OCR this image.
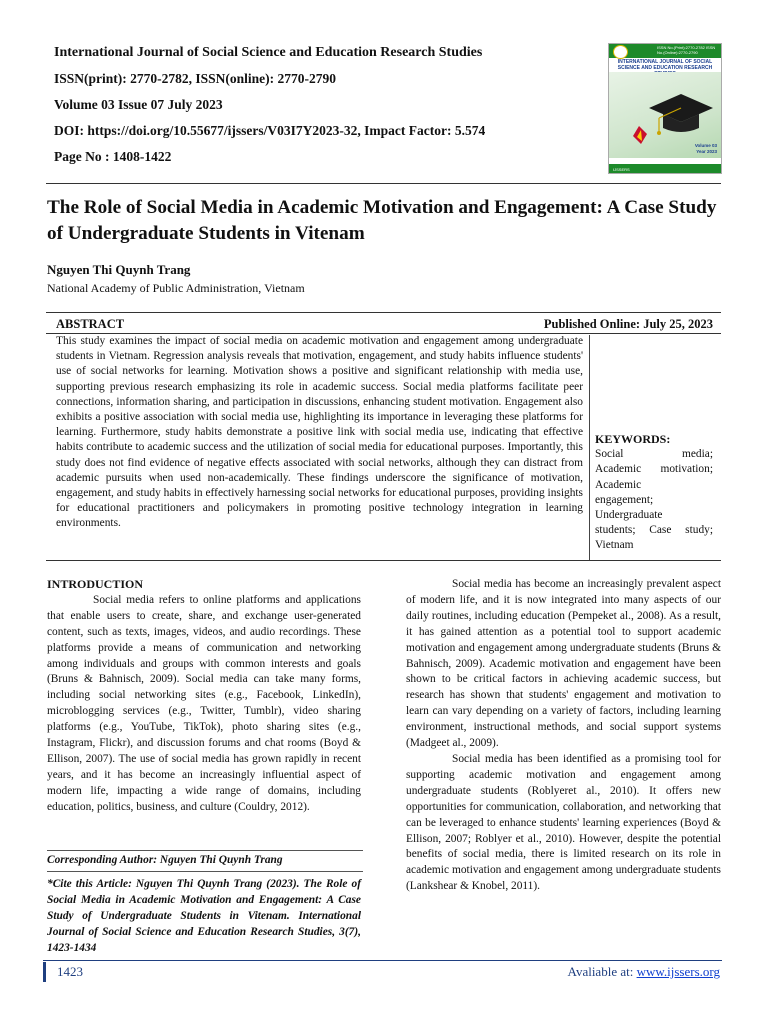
International Journal of Social Science and Education Research Studies
ISSN(print): 2770-2782, ISSN(online): 2770-2790
Volume 03 Issue 07 July 2023
DOI: https://doi.org/10.55677/ijssers/V03I7Y2023-32, Impact Factor: 5.574
Page No : 1408-1422
ISSN No.(Print):2770-2782 ISSN No.(Online):2770-2790
INTERNATIONAL JOURNAL OF SOCIAL SCIENCE AND EDUCATION RESEARCH
Volume 03
Year 2023
IJSSERS
The Role of Social Media in Academic Motivation and Engagement: A Case Study of Undergraduate Students in Vitenam
Nguyen Thi Quynh Trang
National Academy of Public Administration, Vietnam
ABSTRACT	Published Online: July 25, 2023
This study examines the impact of social media on academic motivation and engagement among undergraduate students in Vietnam. Regression analysis reveals that motivation, engagement, and study habits influence students' use of social networks for learning. Motivation shows a positive and significant relationship with media use, supporting previous research emphasizing its role in academic success. Social media platforms facilitate peer connections, information sharing, and participation in discussions, enhancing student motivation. Engagement also exhibits a positive association with social media use, highlighting its importance in leveraging these platforms for learning. Furthermore, study habits demonstrate a positive link with social media use, indicating that effective habits contribute to academic success and the utilization of social media for educational purposes. Importantly, this study does not find evidence of negative effects associated with social networks, although they can distract from academic pursuits when used non-academically. These findings underscore the significance of motivation, engagement, and study habits in effectively harnessing social networks for educational purposes, providing insights for educational practitioners and policymakers in promoting positive technology integration in learning environments.
KEYWORDS:
Social media;
Academic motivation;
Academic
engagement;
Undergraduate
students; Case study;
Vietnam

INTRODUCTION

Social media refers to online platforms and applications that enable users to create, share, and exchange user-generated content, such as texts, images, videos, and audio recordings. These platforms provide a means of communication and networking among individuals and groups with common interests and goals (Bruns & Bahnisch, 2009). Social media can take many forms, including social networking sites (e.g., Facebook, LinkedIn), microblogging services (e.g., Twitter, Tumblr), video sharing platforms (e.g., YouTube, TikTok), photo sharing sites (e.g., Instagram, Flickr), and discussion forums and chat rooms (Boyd & Ellison, 2007). The use of social media has grown rapidly in recent years, and it has become an increasingly influential aspect of modern life, impacting a wide range of domains, including education, politics, business, and culture (Couldry, 2012).

Corresponding Author: Nguyen Thi Quynh Trang
*Cite this Article: Nguyen Thi Quynh Trang (2023). The Role of Social Media in Academic Motivation and Engagement: A Case Study of Undergraduate Students in Vitenam. International Journal of Social Science and Education Research Studies, 3(7), 1423-1434

Social media has become an increasingly prevalent aspect of modern life, and it is now integrated into many aspects of our daily routines, including education (Pempeket al., 2008). As a result, it has gained attention as a potential tool to support academic motivation and engagement among undergraduate students (Bruns & Bahnisch, 2009). Academic motivation and engagement have been shown to be critical factors in achieving academic success, but research has shown that students' engagement and motivation to learn can vary depending on a variety of factors, including learning environment, instructional methods, and social support systems (Madgeet al., 2009).

Social media has been identified as a promising tool for supporting academic motivation and engagement among undergraduate students (Roblyeret al., 2010). It offers new opportunities for communication, collaboration, and networking that can be leveraged to enhance students' learning experiences (Boyd & Ellison, 2007; Roblyer et al., 2010). However, despite the potential benefits of social media, there is limited research on its role in academic motivation and engagement among undergraduate students (Lankshear & Knobel, 2011).

1423	Avaliable at: www.ijssers.org
